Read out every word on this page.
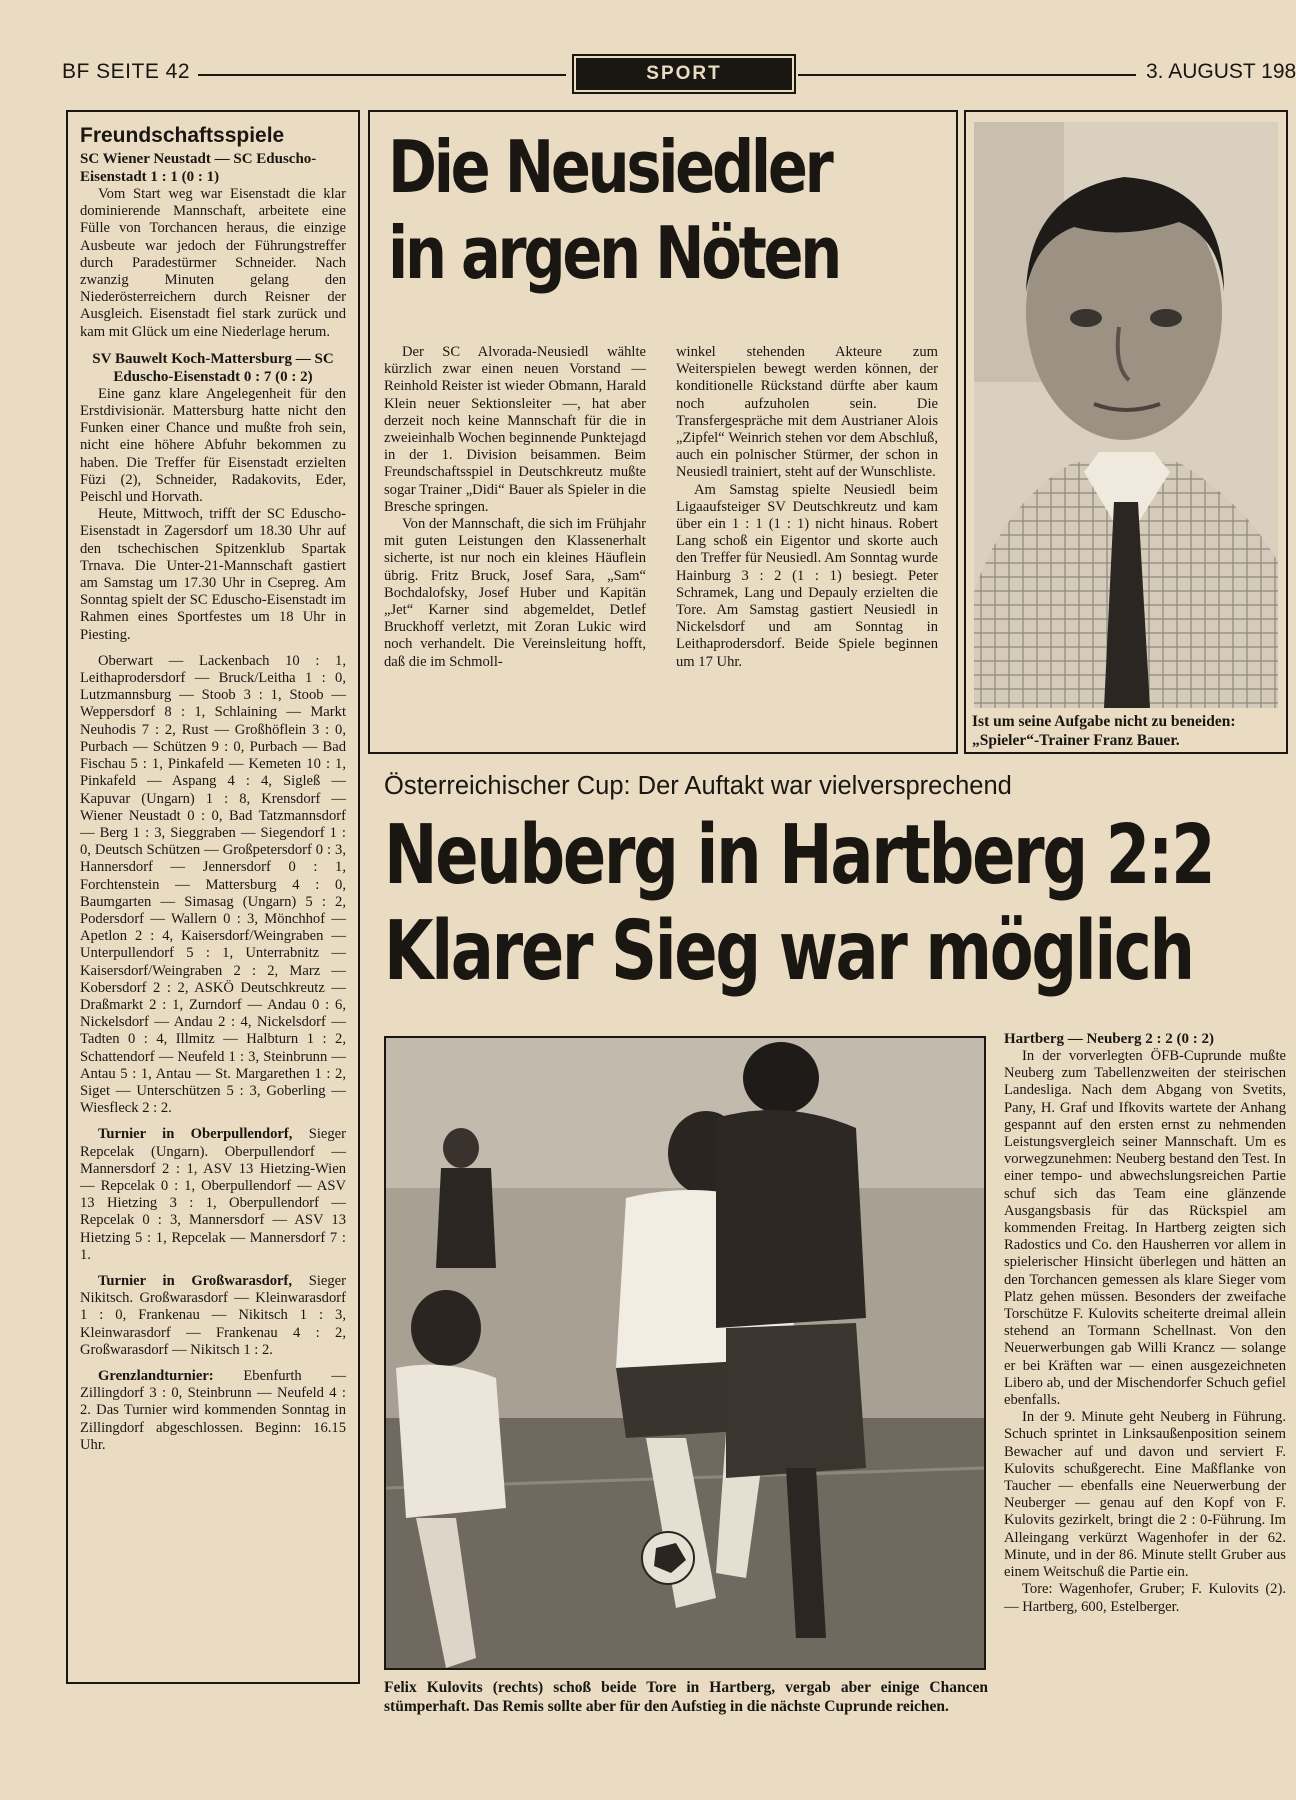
BF SEITE 42	SPORT	3. AUGUST 198
Freundschaftsspiele
SC Wiener Neustadt — SC Eduscho-Eisenstadt 1 : 1 (0 : 1)

Vom Start weg war Eisenstadt die klar dominierende Mannschaft, arbeitete eine Fülle von Torchancen heraus, die einzige Ausbeute war jedoch der Führungstreffer durch Paradestürmer Schneider. Nach zwanzig Minuten gelang den Niederösterreichern durch Reisner der Ausgleich. Eisenstadt fiel stark zurück und kam mit Glück um eine Niederlage herum.

SV Bauwelt Koch-Mattersburg — SC Eduscho-Eisenstadt 0 : 7 (0 : 2)

Eine ganz klare Angelegenheit für den Erstdivisionär. Mattersburg hatte nicht den Funken einer Chance und mußte froh sein, nicht eine höhere Abfuhr bekommen zu haben. Die Treffer für Eisenstadt erzielten Füzi (2), Schneider, Radakovits, Eder, Peischl und Horvath.

Heute, Mittwoch, trifft der SC Eduscho-Eisenstadt in Zagersdorf um 18.30 Uhr auf den tschechischen Spitzenklub Spartak Trnava. Die Unter-21-Mannschaft gastiert am Samstag um 17.30 Uhr in Csepreg. Am Sonntag spielt der SC Eduscho-Eisenstadt im Rahmen eines Sportfestes um 18 Uhr in Piesting.

Oberwart — Lackenbach 10 : 1, Leithaprodersdorf — Bruck/Leitha 1 : 0, Lutzmannsburg — Stoob 3 : 1, Stoob — Weppersdorf 8 : 1, Schlaining — Markt Neuhodis 7 : 2, Rust — Großhöflein 3 : 0, Purbach — Schützen 9 : 0, Purbach — Bad Fischau 5 : 1, Pinkafeld — Kemeten 10 : 1, Pinkafeld — Aspang 4 : 4, Sigleß — Kapuvar (Ungarn) 1 : 8, Krensdorf — Wiener Neustadt 0 : 0, Bad Tatzmannsdorf — Berg 1 : 3, Sieggraben — Siegendorf 1 : 0, Deutsch Schützen — Großpetersdorf 0 : 3, Hannersdorf — Jennersdorf 0 : 1, Forchtenstein — Mattersburg 4 : 0, Baumgarten — Simasag (Ungarn) 5 : 2, Podersdorf — Wallern 0 : 3, Mönchhof — Apetlon 2 : 4, Kaisersdorf/Weingraben — Unterpullendorf 5 : 1, Unterrabnitz — Kaisersdorf/Weingraben 2 : 2, Marz — Kobersdorf 2 : 2, ASKÖ Deutschkreutz — Draßmarkt 2 : 1, Zurndorf — Andau 0 : 6, Nickelsdorf — Andau 2 : 4, Nickelsdorf — Tadten 0 : 4, Illmitz — Halbturn 1 : 2, Schattendorf — Neufeld 1 : 3, Steinbrunn — Antau 5 : 1, Antau — St. Margarethen 1 : 2, Siget — Unterschützen 5 : 3, Goberling — Wiesfleck 2 : 2.

Turnier in Oberpullendorf, Sieger Repcelak (Ungarn). Oberpullendorf — Mannersdorf 2 : 1, ASV 13 Hietzing-Wien — Repcelak 0 : 1, Oberpullendorf — ASV 13 Hietzing 3 : 1, Oberpullendorf — Repcelak 0 : 3, Mannersdorf — ASV 13 Hietzing 5 : 1, Repcelak — Mannersdorf 7 : 1.

Turnier in Großwarasdorf, Sieger Nikitsch. Großwarasdorf — Kleinwarasdorf 1 : 0, Frankenau — Nikitsch 1 : 3, Kleinwarasdorf — Frankenau 4 : 2, Großwarasdorf — Nikitsch 1 : 2.

Grenzlandturnier: Ebenfurth — Zillingdorf 3 : 0, Steinbrunn — Neufeld 4 : 2. Das Turnier wird kommenden Sonntag in Zillingdorf abgeschlossen. Beginn: 16.15 Uhr.

Die Neusiedler
in argen Nöten

Der SC Alvorada-Neusiedl wählte kürzlich zwar einen neuen Vorstand — Reinhold Reister ist wieder Obmann, Harald Klein neuer Sektionsleiter —, hat aber derzeit noch keine Mannschaft für die in zweieinhalb Wochen beginnende Punktejagd in der 1. Division beisammen. Beim Freundschaftsspiel in Deutschkreutz mußte sogar Trainer „Didi“ Bauer als Spieler in die Bresche springen.

Von der Mannschaft, die sich im Frühjahr mit guten Leistungen den Klassenerhalt sicherte, ist nur noch ein kleines Häuflein übrig. Fritz Bruck, Josef Sara, „Sam“ Bochdalofsky, Josef Huber und Kapitän „Jet“ Karner sind abgemeldet, Detlef Bruckhoff verletzt, mit Zoran Lukic wird noch verhandelt. Die Vereinsleitung hofft, daß die im Schmoll-

winkel stehenden Akteure zum Weiterspielen bewegt werden können, der konditionelle Rückstand dürfte aber kaum noch aufzuholen sein. Die Transfergespräche mit dem Austrianer Alois „Zipfel“ Weinrich stehen vor dem Abschluß, auch ein polnischer Stürmer, der schon in Neusiedl trainiert, steht auf der Wunschliste.

Am Samstag spielte Neusiedl beim Ligaaufsteiger SV Deutschkreutz und kam über ein 1 : 1 (1 : 1) nicht hinaus. Robert Lang schoß ein Eigentor und skorte auch den Treffer für Neusiedl. Am Sonntag wurde Hainburg 3 : 2 (1 : 1) besiegt. Peter Schramek, Lang und Depauly erzielten die Tore. Am Samstag gastiert Neusiedl in Nickelsdorf und am Sonntag in Leithaprodersdorf. Beide Spiele beginnen um 17 Uhr.

Ist um seine Aufgabe nicht zu beneiden: „Spieler“-Trainer Franz Bauer.
Österreichischer Cup: Der Auftakt war vielversprechend
Neuberg in Hartberg 2:2
Klarer Sieg war möglich
Felix Kulovits (rechts) schoß beide Tore in Hartberg, vergab aber einige Chancen stümperhaft. Das Remis sollte aber für den Aufstieg in die nächste Cuprunde reichen.
Hartberg — Neuberg 2 : 2 (0 : 2)

In der vorverlegten ÖFB-Cuprunde mußte Neuberg zum Tabellenzweiten der steirischen Landesliga. Nach dem Abgang von Svetits, Pany, H. Graf und Ifkovits wartete der Anhang gespannt auf den ersten ernst zu nehmenden Leistungsvergleich seiner Mannschaft. Um es vorwegzunehmen: Neuberg bestand den Test. In einer tempo- und abwechslungsreichen Partie schuf sich das Team eine glänzende Ausgangsbasis für das Rückspiel am kommenden Freitag. In Hartberg zeigten sich Radostics und Co. den Hausherren vor allem in spielerischer Hinsicht überlegen und hätten an den Torchancen gemessen als klare Sieger vom Platz gehen müssen. Besonders der zweifache Torschütze F. Kulovits scheiterte dreimal allein stehend an Tormann Schellnast. Von den Neuerwerbungen gab Willi Krancz — solange er bei Kräften war — einen ausgezeichneten Libero ab, und der Mischendorfer Schuch gefiel ebenfalls.

In der 9. Minute geht Neuberg in Führung. Schuch sprintet in Linksaußenposition seinem Bewacher auf und davon und serviert F. Kulovits schußgerecht. Eine Maßflanke von Taucher — ebenfalls eine Neuerwerbung der Neuberger — genau auf den Kopf von F. Kulovits gezirkelt, bringt die 2 : 0-Führung. Im Alleingang verkürzt Wagenhofer in der 62. Minute, und in der 86. Minute stellt Gruber aus einem Weitschuß die Partie ein.

Tore: Wagenhofer, Gruber; F. Kulovits (2). — Hartberg, 600, Estelberger.
